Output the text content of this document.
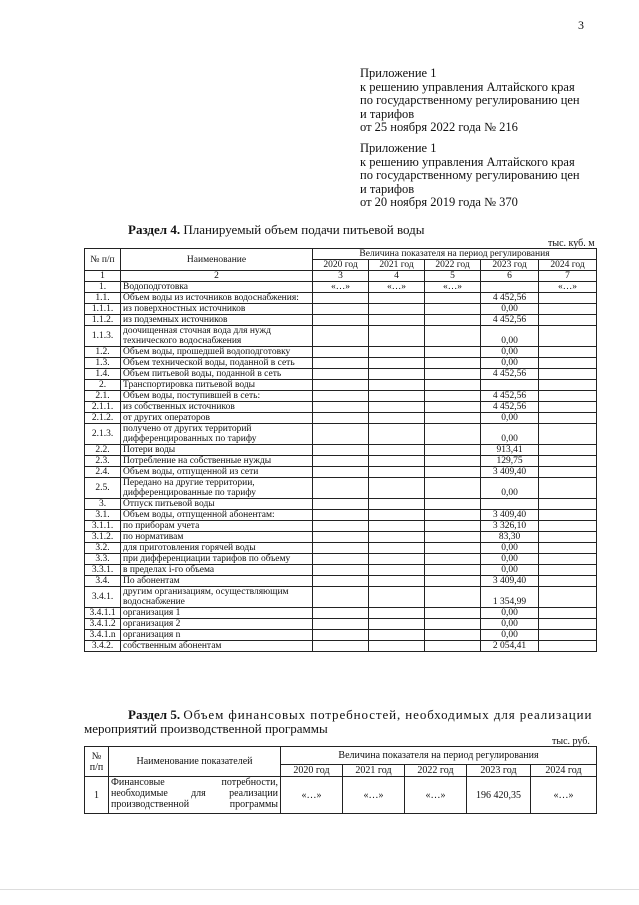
3
Приложение 1
к решению управления Алтайского края
по государственному регулированию цен
и тарифов
от 25 ноября 2022 года № 216
Приложение 1
к решению управления Алтайского края
по государственному регулированию цен
и тарифов
от 20 ноября 2019 года № 370
Раздел 4. Планируемый объем подачи питьевой воды
тыс. куб. м
№ п/п	Наименование	Величина показателя на период регулирования				
		2020 год	2021 год	2022 год	2023 год	2024 год
1	2	3	4	5	6	7
1.	Водоподготовка	«…»	«…»	«…»		«…»
1.1.	Объем воды из источников водоснабжения:				4 452,56	
1.1.1.	из поверхностных источников				0,00	
1.1.2.	из подземных источников				4 452,56	
1.1.3.	доочищенная сточная вода для нужд технического водоснабжения				0,00	
1.2.	Объем воды, прошедшей водоподготовку				0,00	
1.3.	Объем технической воды, поданной в сеть				0,00	
1.4.	Объем питьевой воды, поданной в сеть				4 452,56	
2.	Транспортировка питьевой воды					
2.1.	Объем воды, поступившей в сеть:				4 452,56	
2.1.1.	из собственных источников				4 452,56	
2.1.2.	от других операторов				0,00	
2.1.3.	получено от других территорий дифференцированных по тарифу				0,00	
2.2.	Потери воды				913,41	
2.3.	Потребление на собственные нужды				129,75	
2.4.	Объем воды, отпущенной из сети				3 409,40	
2.5.	Передано на другие территории, дифференцированные по тарифу				0,00	
3.	Отпуск питьевой воды					
3.1.	Объем воды, отпущенной абонентам:				3 409,40	
3.1.1.	по приборам учета				3 326,10	
3.1.2.	по нормативам				83,30	
3.2.	для приготовления горячей воды				0,00	
3.3.	при дифференциации тарифов по объему				0,00	
3.3.1.	в пределах i-го объема				0,00	
3.4.	По абонентам				3 409,40	
3.4.1.	другим организациям, осуществляющим водоснабжение				1 354,99	
3.4.1.1	организация 1				0,00	
3.4.1.2	организация 2				0,00	
3.4.1.n	организация n				0,00	
3.4.2.	собственным абонентам				2 054,41	
Раздел 5. Объем финансовых потребностей, необходимых для реализации
мероприятий производственной программы
тыс. руб.
№ п/п	Наименование показателей	Величина показателя на период регулирования				
		2020 год	2021 год	2022 год	2023 год	2024 год
1	Финансовые потребности, необходимые для реализации производственной программы	«…»	«…»	«…»	196 420,35	«…»
